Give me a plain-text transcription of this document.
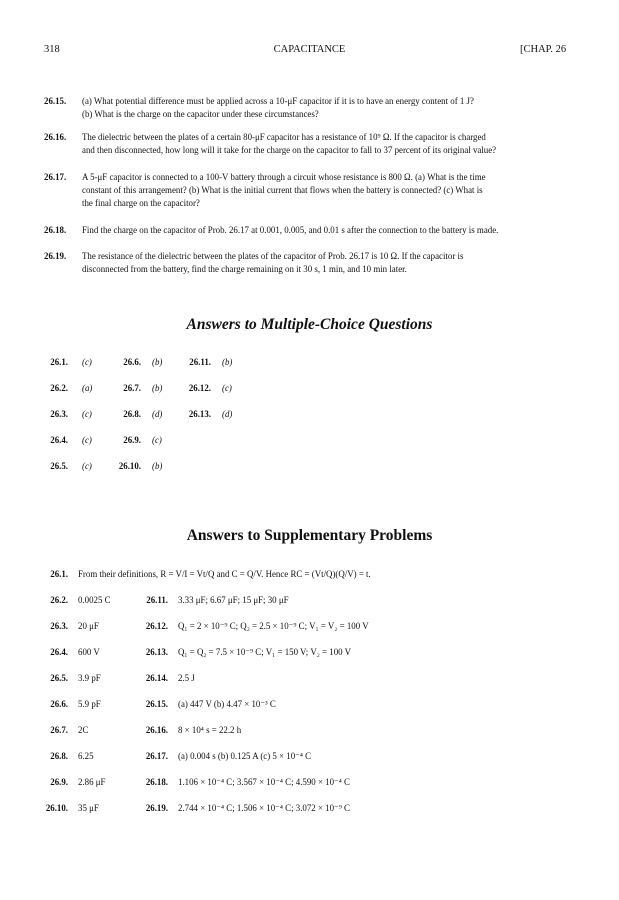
318	CAPACITANCE	[CHAP. 26
26.15. (a) What potential difference must be applied across a 10-μF capacitor if it is to have an energy content of 1 J?
(b) What is the charge on the capacitor under these circumstances?
26.16. The dielectric between the plates of a certain 80-μF capacitor has a resistance of 10⁹ Ω. If the capacitor is charged
and then disconnected, how long will it take for the charge on the capacitor to fall to 37 percent of its original value?
26.17. A 5-μF capacitor is connected to a 100-V battery through a circuit whose resistance is 800 Ω. (a) What is the time
constant of this arrangement? (b) What is the initial current that flows when the battery is connected? (c) What is
the final charge on the capacitor?
26.18. Find the charge on the capacitor of Prob. 26.17 at 0.001, 0.005, and 0.01 s after the connection to the battery is made.
26.19. The resistance of the dielectric between the plates of the capacitor of Prob. 26.17 is 10 Ω. If the capacitor is
disconnected from the battery, find the charge remaining on it 30 s, 1 min, and 10 min later.
Answers to Multiple-Choice Questions
26.1. (c)
26.2. (a)
26.3. (c)
26.4. (c)
26.5. (c)
26.6. (b)
26.7. (b)
26.8. (d)
26.9. (c)
26.10. (b)
26.11. (b)
26.12. (c)
26.13. (d)
Answers to Supplementary Problems
26.1. From their definitions, R = V/I = Vt/Q and C = Q/V. Hence RC = (Vt/Q)(Q/V) = t.
26.2. 0.0025 C
26.3. 20 μF
26.4. 600 V
26.5. 3.9 pF
26.6. 5.9 pF
26.7. 2C
26.8. 6.25
26.9. 2.86 μF
26.10. 35 μF
26.11. 3.33 μF; 6.67 μF; 15 μF; 30 μF
26.12. Q₁ = 2 × 10⁻⁹ C; Q₂ = 2.5 × 10⁻⁹ C; V₁ = V₂ = 100 V
26.13. Q₁ = Q₂ = 7.5 × 10⁻⁹ C; V₁ = 150 V; V₂ = 100 V
26.14. 2.5 J
26.15. (a) 447 V (b) 4.47 × 10⁻³ C
26.16. 8 × 10⁴ s = 22.2 h
26.17. (a) 0.004 s (b) 0.125 A (c) 5 × 10⁻⁴ C
26.18. 1.106 × 10⁻⁴ C; 3.567 × 10⁻⁴ C; 4.590 × 10⁻⁴ C
26.19. 2.744 × 10⁻⁴ C; 1.506 × 10⁻⁴ C; 3.072 × 10⁻⁹ C
